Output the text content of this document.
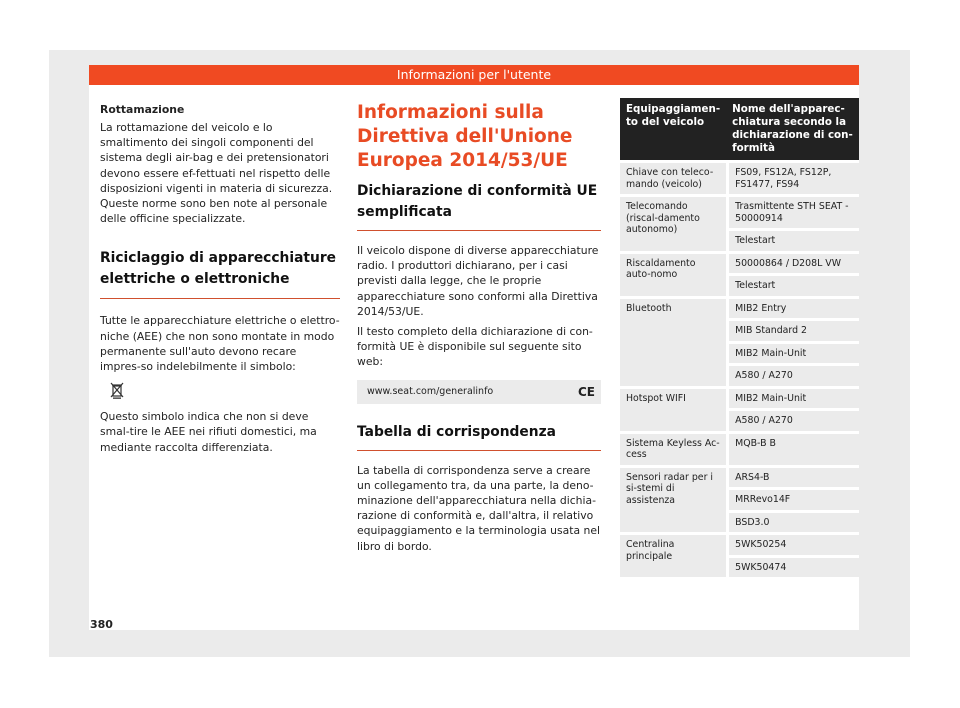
Informazioni per l'utente
Rottamazione

La rottamazione del veicolo e lo smaltimento dei singoli componenti del sistema degli air-bag e dei pretensionatori devono essere ef-fettuati nel rispetto delle disposizioni vigenti in materia di sicurezza. Queste norme sono ben note al personale delle officine specializzate.

Riciclaggio di apparecchiature elettriche o elettroniche

Tutte le apparecchiature elettriche o elettro-niche (AEE) che non sono montate in modo permanente sull'auto devono recare impres-so indelebilmente il simbolo:

Questo simbolo indica che non si deve smal-tire le AEE nei rifiuti domestici, ma mediante raccolta differenziata.

Informazioni sulla Direttiva dell'Unione Europea 2014/53/UE
Dichiarazione di conformità UE semplificata

Il veicolo dispone di diverse apparecchiature radio. I produttori dichiarano, per i casi previsti dalla legge, che le proprie apparecchiature sono conformi alla Direttiva 2014/53/UE.

Il testo completo della dichiarazione di con-formità UE è disponibile sul seguente sito web:

www.seat.com/generalinfo	CE
Tabella di corrispondenza

La tabella di corrispondenza serve a creare un collegamento tra, da una parte, la deno-minazione dell'apparecchiatura nella dichia-razione di conformità e, dall'altra, il relativo equipaggiamento e la terminologia usata nel libro di bordo.

Equipaggiamen-to del veicolo	Nome dell'apparec-chiatura secondo la dichiarazione di con-formità
Chiave con teleco-mando (veicolo)	FS09, FS12A, FS12P, FS1477, FS94
Telecomando (riscal-damento autonomo)	Trasmittente STH SEAT - 50000914
	Telestart
Riscaldamento auto-nomo	50000864 / D208L VW
	Telestart
Bluetooth	MIB2 Entry
	MIB Standard 2
	MIB2 Main-Unit
	A580 / A270
Hotspot WIFI	MIB2 Main-Unit
	A580 / A270
Sistema Keyless Ac-cess	MQB-B B
Sensori radar per i si-stemi di assistenza	ARS4-B
	MRRevo14F
	BSD3.0
Centralina principale	5WK50254
	5WK50474
380
